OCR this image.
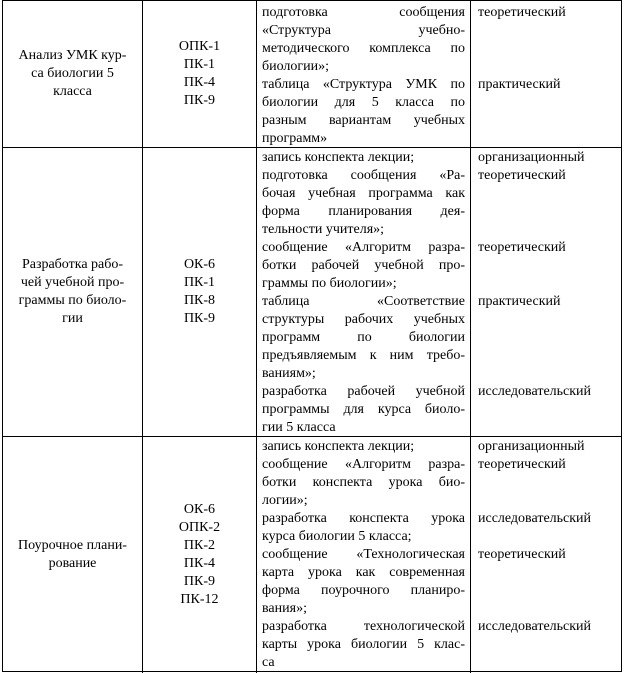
Анализ УМК кур-
са биологии 5
класса
ОПК-1
ПК-1
ПК-4
ПК-9
подготовка сообщения
«Структура учебно-
методического комплекса по
биологии»;
таблица «Структура УМК по
биологии для 5 класса по
разным вариантам учебных
программ»
теоретический
практический
Разработка рабо-
чей учебной про-
граммы по биоло-
гии
ОК-6
ПК-1
ПК-8
ПК-9
запись конспекта лекции;
подготовка сообщения «Ра-
бочая учебная программа как
форма планирования дея-
тельности учителя»;
сообщение «Алгоритм разра-
ботки рабочей учебной про-
граммы по биологии»;
таблица «Соответствие
структуры рабочих учебных
программ по биологии
предъявляемым к ним требо-
ваниям»;
разработка рабочей учебной
программы для курса биоло-
гии 5 класса
организационный
теоретический
теоретический
практический
исследовательский
Поурочное плани-
рование
ОК-6
ОПК-2
ПК-2
ПК-4
ПК-9
ПК-12
запись конспекта лекции;
сообщение «Алгоритм разра-
ботки конспекта урока био-
логии»;
разработка конспекта урока
курса биологии 5 класса;
сообщение «Технологическая
карта урока как современная
форма поурочного планиро-
вания»;
разработка технологической
карты урока биологии 5 клас-
са
организационный
теоретический
исследовательский
теоретический
исследовательский
